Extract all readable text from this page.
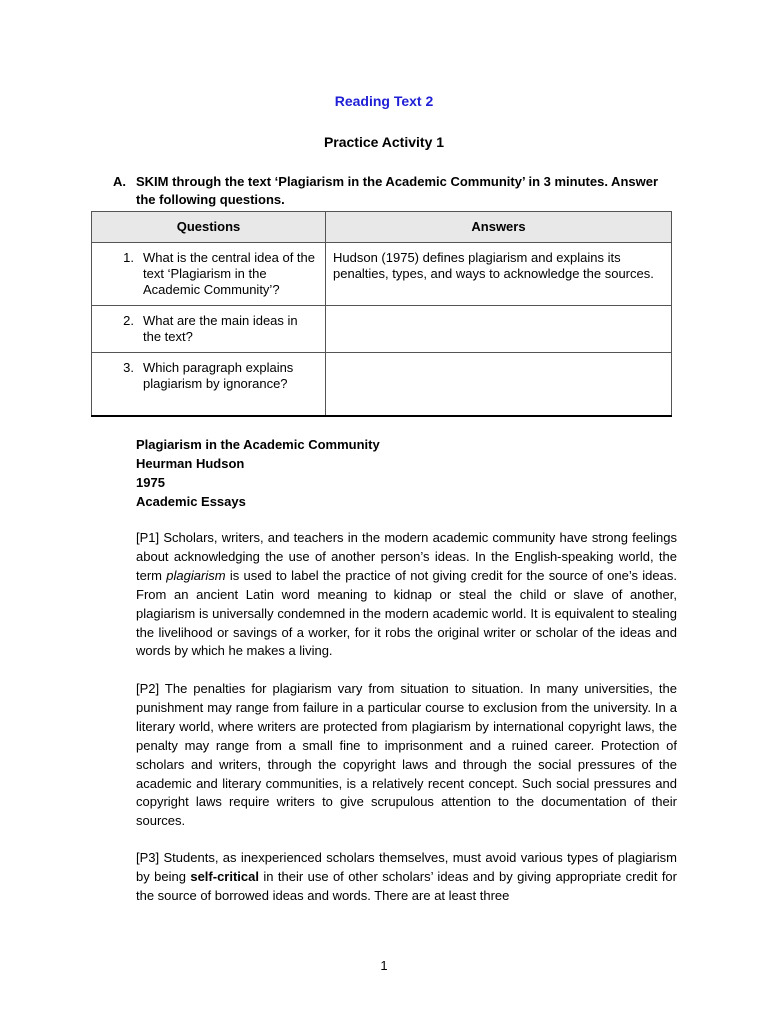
Reading Text 2
Practice Activity 1
A. SKIM through the text ‘Plagiarism in the Academic Community’ in 3 minutes. Answer the following questions.
Questions	Answers

1. What is the central idea of the text ‘Plagiarism in the Academic Community’?	Hudson (1975) defines plagiarism and explains its penalties, types, and ways to acknowledge the sources.

2. What are the main ideas in the text?	

3. Which paragraph explains plagiarism by ignorance?	

Plagiarism in the Academic Community
Heurman Hudson
1975
Academic Essays

[P1] Scholars, writers, and teachers in the modern academic community have strong feelings about acknowledging the use of another person’s ideas. In the English-speaking world, the term plagiarism is used to label the practice of not giving credit for the source of one’s ideas. From an ancient Latin word meaning to kidnap or steal the child or slave of another, plagiarism is universally condemned in the modern academic world. It is equivalent to stealing the livelihood or savings of a worker, for it robs the original writer or scholar of the ideas and words by which he makes a living.

[P2] The penalties for plagiarism vary from situation to situation. In many universities, the punishment may range from failure in a particular course to exclusion from the university. In a literary world, where writers are protected from plagiarism by international copyright laws, the penalty may range from a small fine to imprisonment and a ruined career. Protection of scholars and writers, through the copyright laws and through the social pressures of the academic and literary communities, is a relatively recent concept. Such social pressures and copyright laws require writers to give scrupulous attention to the documentation of their sources.

[P3] Students, as inexperienced scholars themselves, must avoid various types of plagiarism by being self-critical in their use of other scholars’ ideas and by giving appropriate credit for the source of borrowed ideas and words. There are at least three

1
